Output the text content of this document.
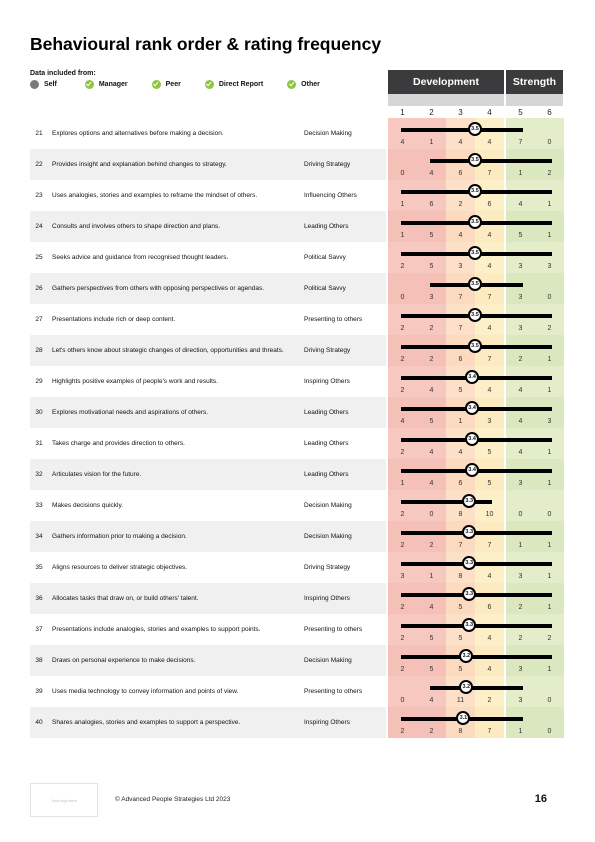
Behavioural rank order & rating frequency
Data included from:
Self	Manager	Peer	Direct Report	Other	Development	Strength
1	2	3	4	5	6
21	Explores options and alternatives before making a decision.	Decision Making
4	1	4	4	7	0
3.5
22	Provides insight and explanation behind changes to strategy.	Driving Strategy
0	4	6	7	1	2
3.5
23	Uses analogies, stories and examples to reframe the mindset of others.	Influencing Others
1	6	2	6	4	1
3.5
24	Consults and involves others to shape direction and plans.	Leading Others
1	5	4	4	5	1
3.5
25	Seeks advice and guidance from recognised thought leaders.	Political Savvy
2	5	3	4	3	3
3.5
26	Gathers perspectives from others with opposing perspectives or agendas.	Political Savvy
0	3	7	7	3	0
3.5
27	Presentations include rich or deep content.	Presenting to others
2	2	7	4	3	2
3.5
28	Let's others know about strategic changes of direction, opportunities and threats.	Driving Strategy
2	2	6	7	2	1
3.5
29	Highlights positive examples of people's work and results.	Inspiring Others
2	4	5	4	4	1
3.4
30	Explores motivational needs and aspirations of others.	Leading Others
4	5	1	3	4	3
3.4
31	Takes charge and provides direction to others.	Leading Others
2	4	4	5	4	1
3.4
32	Articulates vision for the future.	Leading Others
1	4	6	5	3	1
3.4
33	Makes decisions quickly.	Decision Making
2	0	8	10	0	0
3.3
34	Gathers information prior to making a decision.	Decision Making
2	2	7	7	1	1
3.3
35	Aligns resources to deliver strategic objectives.	Driving Strategy
3	1	8	4	3	1
3.3
36	Allocates tasks that draw on, or build others' talent.	Inspiring Others
2	4	5	6	2	1
3.3
37	Presentations include analogies, stories and examples to support points.	Presenting to others
2	5	5	4	2	2
3.3
38	Draws on personal experience to make decisions.	Decision Making
2	5	5	4	3	1
3.2
39	Uses media technology to convey information and points of view.	Presenting to others
0	4	11	2	3	0
3.2
40	Shares analogies, stories and examples to support a perspective.	Inspiring Others
2	2	8	7	1	0
3.1
Your logo here	© Advanced People Strategies Ltd 2023	16
